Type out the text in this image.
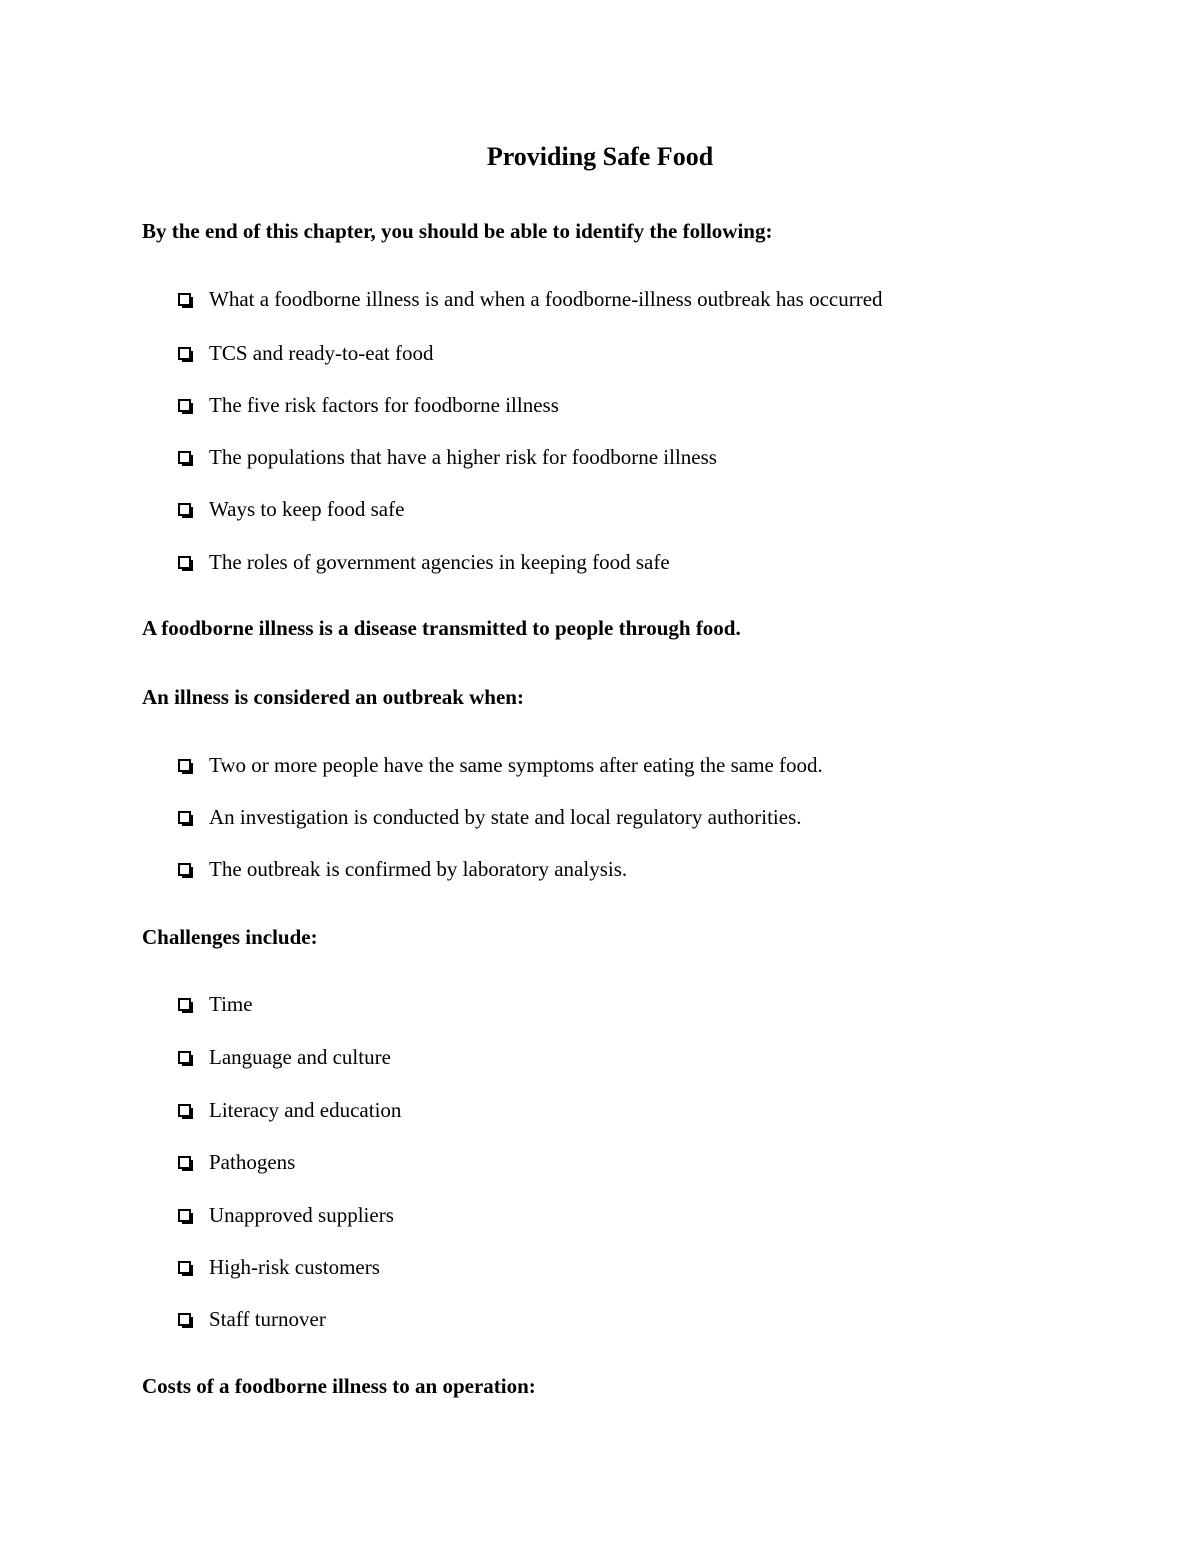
Providing Safe Food

By the end of this chapter, you should be able to identify the following:

What a foodborne illness is and when a foodborne-illness outbreak has occurred
TCS and ready-to-eat food
The five risk factors for foodborne illness
The populations that have a higher risk for foodborne illness
Ways to keep food safe
The roles of government agencies in keeping food safe

A foodborne illness is a disease transmitted to people through food.

An illness is considered an outbreak when:

Two or more people have the same symptoms after eating the same food.
An investigation is conducted by state and local regulatory authorities.
The outbreak is confirmed by laboratory analysis.

Challenges include:

Time
Language and culture
Literacy and education
Pathogens
Unapproved suppliers
High-risk customers
Staff turnover

Costs of a foodborne illness to an operation:
